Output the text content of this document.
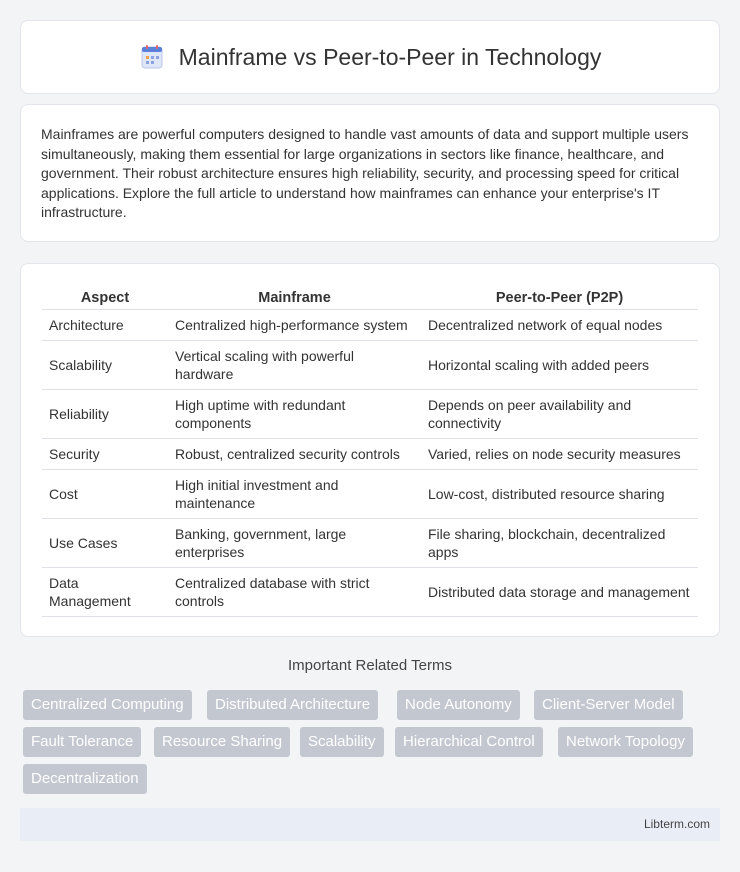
Mainframe vs Peer-to-Peer in Technology

Mainframes are powerful computers designed to handle vast amounts of data and support multiple users simultaneously, making them essential for large organizations in sectors like finance, healthcare, and government. Their robust architecture ensures high reliability, security, and processing speed for critical applications. Explore the full article to understand how mainframes can enhance your enterprise's IT infrastructure.

Aspect	Mainframe	Peer-to-Peer (P2P)
Architecture	Centralized high-performance system	Decentralized network of equal nodes
Scalability	Vertical scaling with powerful hardware	Horizontal scaling with added peers
Reliability	High uptime with redundant components	Depends on peer availability and connectivity
Security	Robust, centralized security controls	Varied, relies on node security measures
Cost	High initial investment and maintenance	Low-cost, distributed resource sharing
Use Cases	Banking, government, large enterprises	File sharing, blockchain, decentralized apps
Data Management	Centralized database with strict controls	Distributed data storage and management
Important Related Terms
Centralized Computing	Distributed Architecture	Node Autonomy	Client-Server Model
Fault Tolerance	Resource Sharing	Scalability	Hierarchical Control	Network Topology
Decentralization
Libterm.com
